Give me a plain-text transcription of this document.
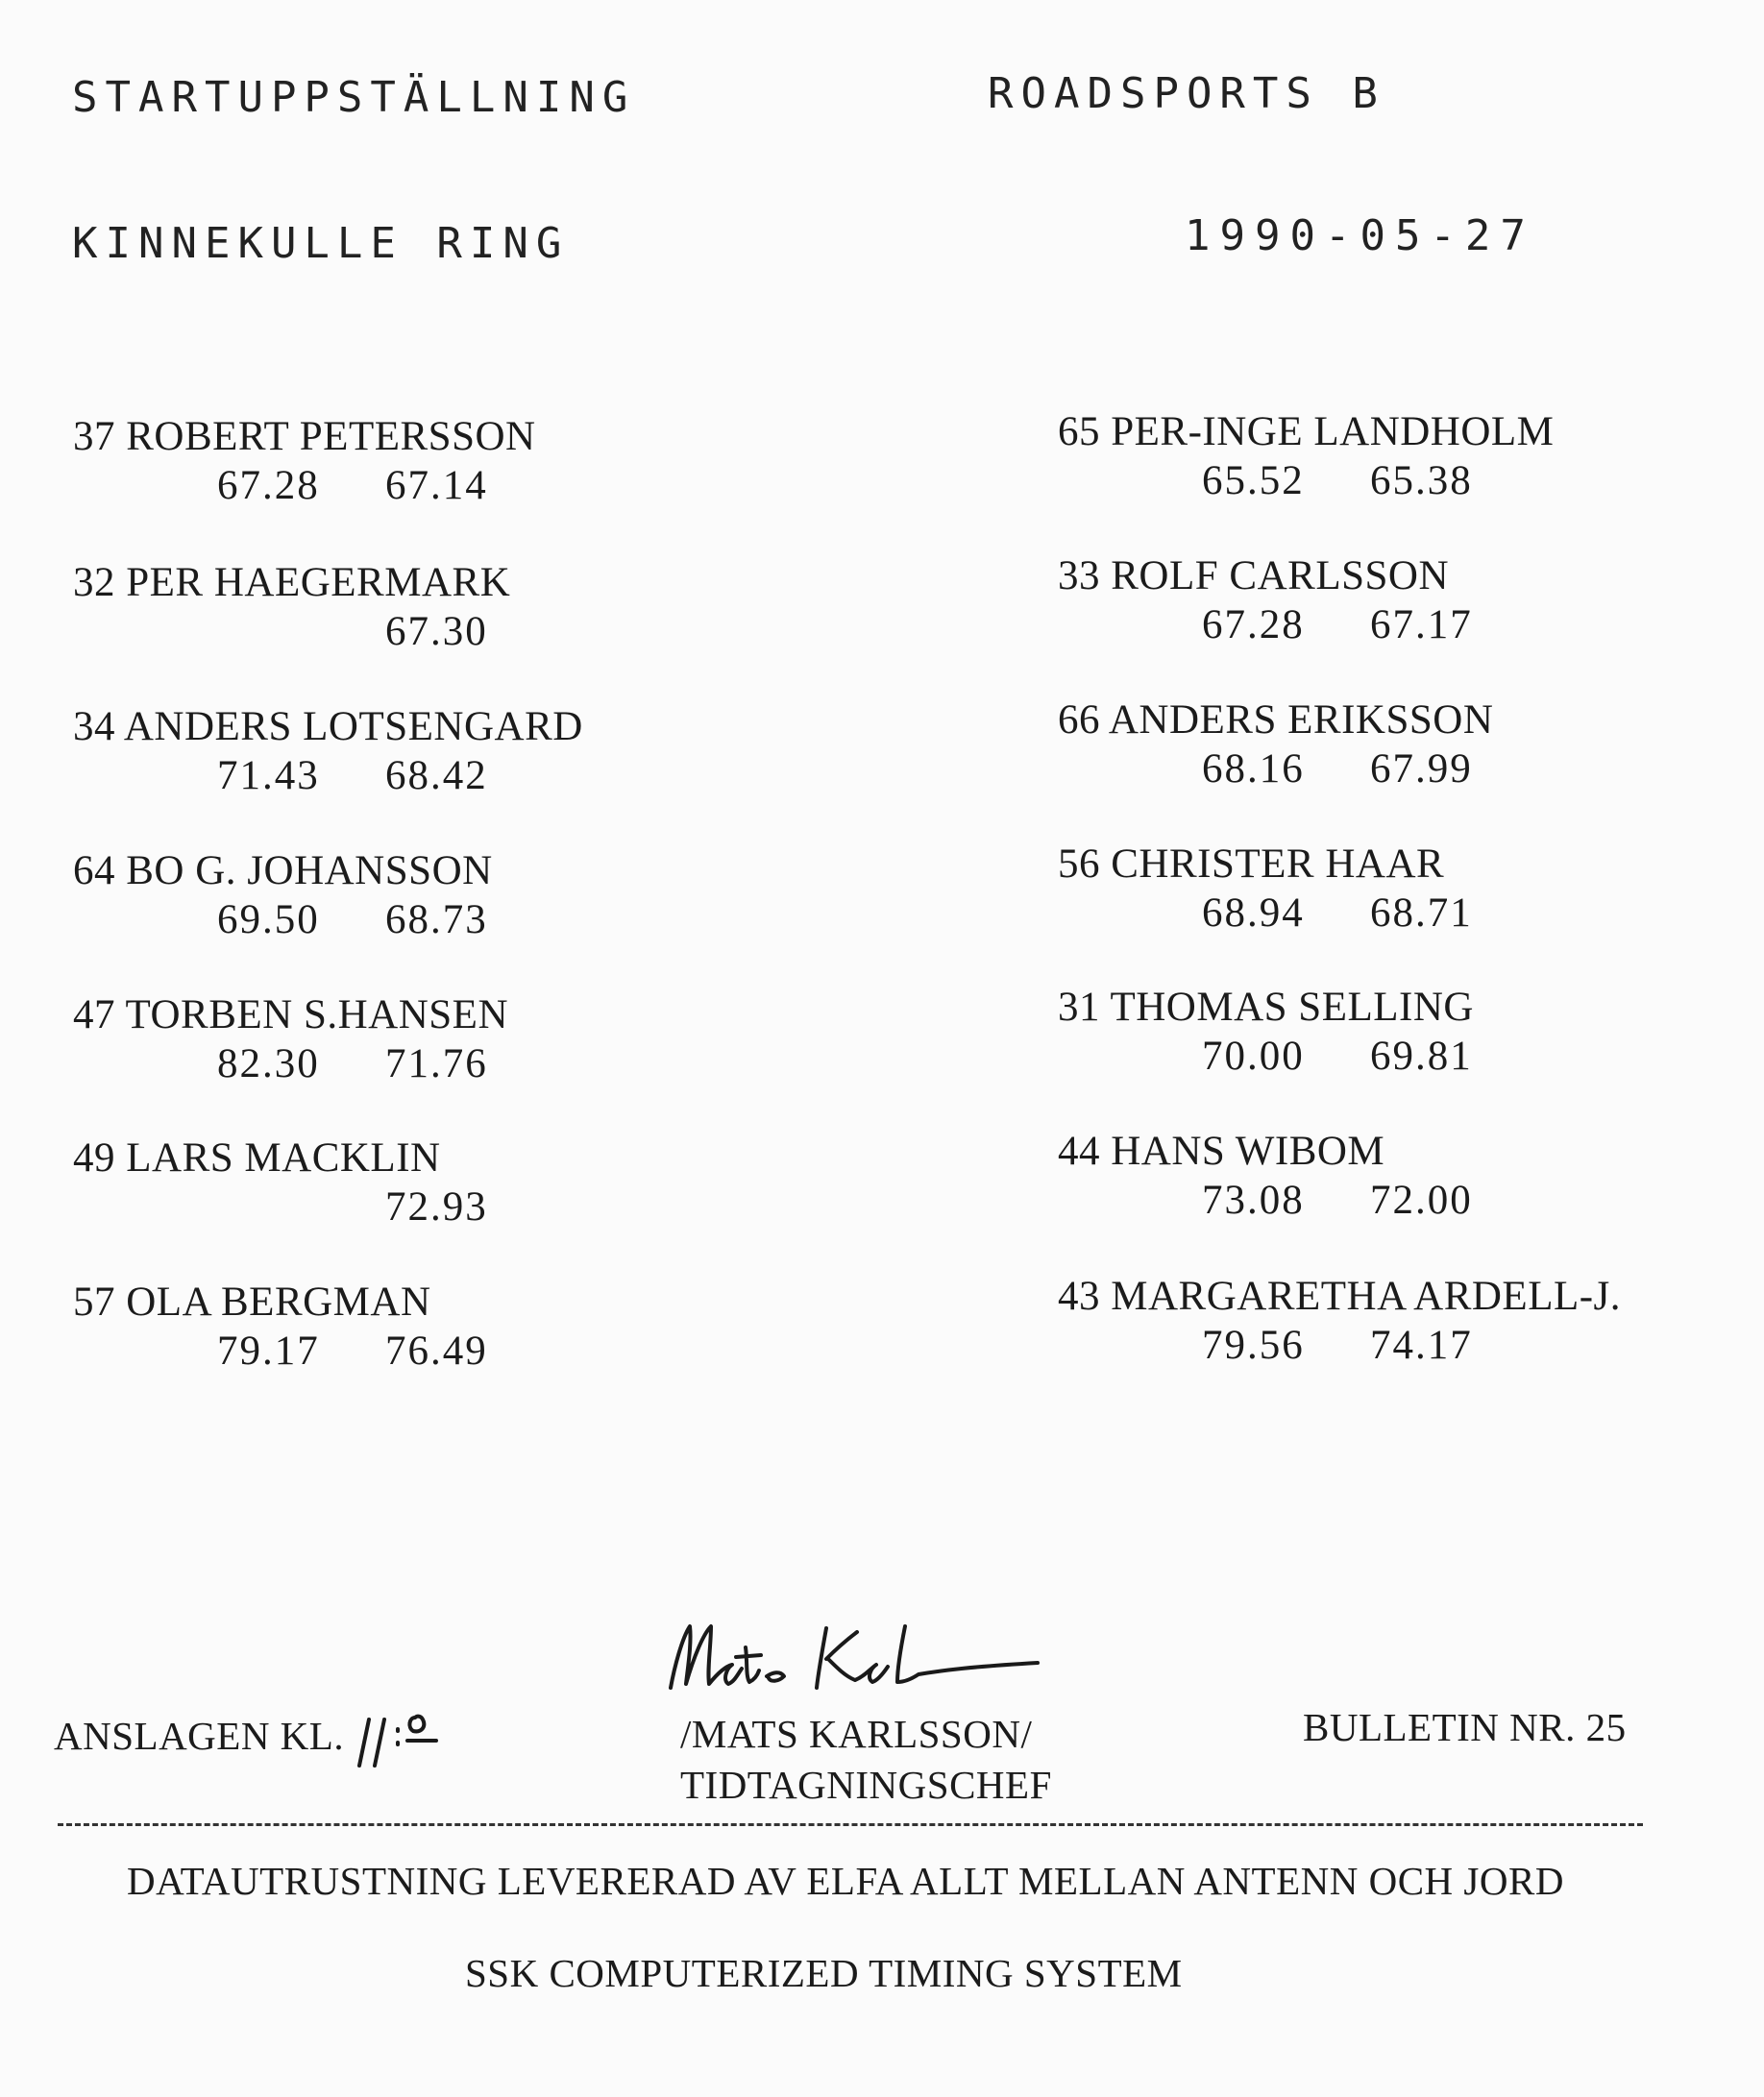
STARTUPPSTÄLLNING	ROADSPORTS B
KINNEKULLE RING	1990-05-27
37 ROBERT PETERSSON
67.28 67.14
32 PER HAEGERMARK
67.30
34 ANDERS LOTSENGARD
71.43 68.42
64 BO G. JOHANSSON
69.50 68.73
47 TORBEN S.HANSEN
82.30 71.76
49 LARS MACKLIN
72.93
57 OLA BERGMAN
79.17 76.49
65 PER-INGE LANDHOLM
65.52 65.38
33 ROLF CARLSSON
67.28 67.17
66 ANDERS ERIKSSON
68.16 67.99
56 CHRISTER HAAR
68.94 68.71
31 THOMAS SELLING
70.00 69.81
44 HANS WIBOM
73.08 72.00
43 MARGARETHA ARDELL-J.
79.56 74.17
ANSLAGEN KL.	/MATS KARLSSON/
TIDTAGNINGSCHEF
BULLETIN NR. 25
DATAUTRUSTNING LEVERERAD AV ELFA ALLT MELLAN ANTENN OCH JORD
SSK COMPUTERIZED TIMING SYSTEM
